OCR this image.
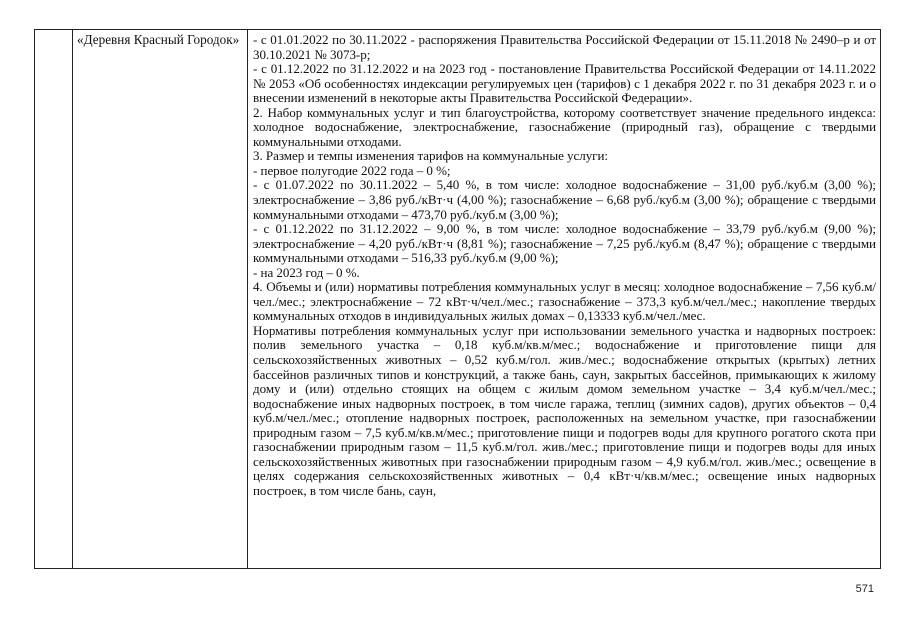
	«Деревня Красный Городок»	- с 01.01.2022 по 30.11.2022 - распоряжения Правительства Российской Федерации от 15.11.2018 № 2490–р и от 30.10.2021 № 3073-р;

- с 01.12.2022 по 31.12.2022 и на 2023 год - постановление Правительства Российской Федерации от 14.11.2022 № 2053 «Об особенностях индексации регулируемых цен (тарифов) с 1 декабря 2022 г. по 31 декабря 2023 г. и о внесении изменений в некоторые акты Правительства Российской Федерации».

2. Набор коммунальных услуг и тип благоустройства, которому соответствует значение предельного индекса: холодное водоснабжение, электроснабжение, газоснабжение (природный газ), обращение с твердыми коммунальными отходами.

3. Размер и темпы изменения тарифов на коммунальные услуги:

- первое полугодие 2022 года – 0 %;

- с 01.07.2022 по 30.11.2022 – 5,40 %, в том числе: холодное водоснабжение – 31,00 руб./куб.м (3,00 %); электроснабжение – 3,86 руб./кВт·ч (4,00 %); газоснабжение – 6,68 руб./куб.м (3,00 %); обращение с твердыми коммунальными отходами – 473,70 руб./куб.м (3,00 %);

- с 01.12.2022 по 31.12.2022 – 9,00 %, в том числе: холодное водоснабжение – 33,79 руб./куб.м (9,00 %); электроснабжение – 4,20 руб./кВт·ч (8,81 %); газоснабжение – 7,25 руб./куб.м (8,47 %); обращение с твердыми коммунальными отходами – 516,33 руб./куб.м (9,00 %);

- на 2023 год – 0 %.

4. Объемы и (или) нормативы потребления коммунальных услуг в месяц: холодное водоснабжение – 7,56 куб.м/чел./мес.; электроснабжение – 72 кВт·ч/чел./мес.; газоснабжение – 373,3 куб.м/чел./мес.; накопление твердых коммунальных отходов в индивидуальных жилых домах – 0,13333 куб.м/чел./мес.

Нормативы потребления коммунальных услуг при использовании земельного участка и надворных построек: полив земельного участка – 0,18 куб.м/кв.м/мес.; водоснабжение и приготовление пищи для сельскохозяйственных животных – 0,52 куб.м/гол. жив./мес.; водоснабжение открытых (крытых) летних бассейнов различных типов и конструкций, а также бань, саун, закрытых бассейнов, примыкающих к жилому дому и (или) отдельно стоящих на общем с жилым домом земельном участке – 3,4 куб.м/чел./мес.; водоснабжение иных надворных построек, в том числе гаража, теплиц (зимних садов), других объектов – 0,4 куб.м/чел./мес.; отопление надворных построек, расположенных на земельном участке, при газоснабжении природным газом – 7,5 куб.м/кв.м/мес.; приготовление пищи и подогрев воды для крупного рогатого скота при газоснабжении природным газом – 11,5 куб.м/гол. жив./мес.; приготовление пищи и подогрев воды для иных сельскохозяйственных животных при газоснабжении природным газом – 4,9 куб.м/гол. жив./мес.; освещение в целях содержания сельскохозяйственных животных – 0,4 кВт·ч/кв.м/мес.; освещение иных надворных построек, в том числе бань, саун,

571
